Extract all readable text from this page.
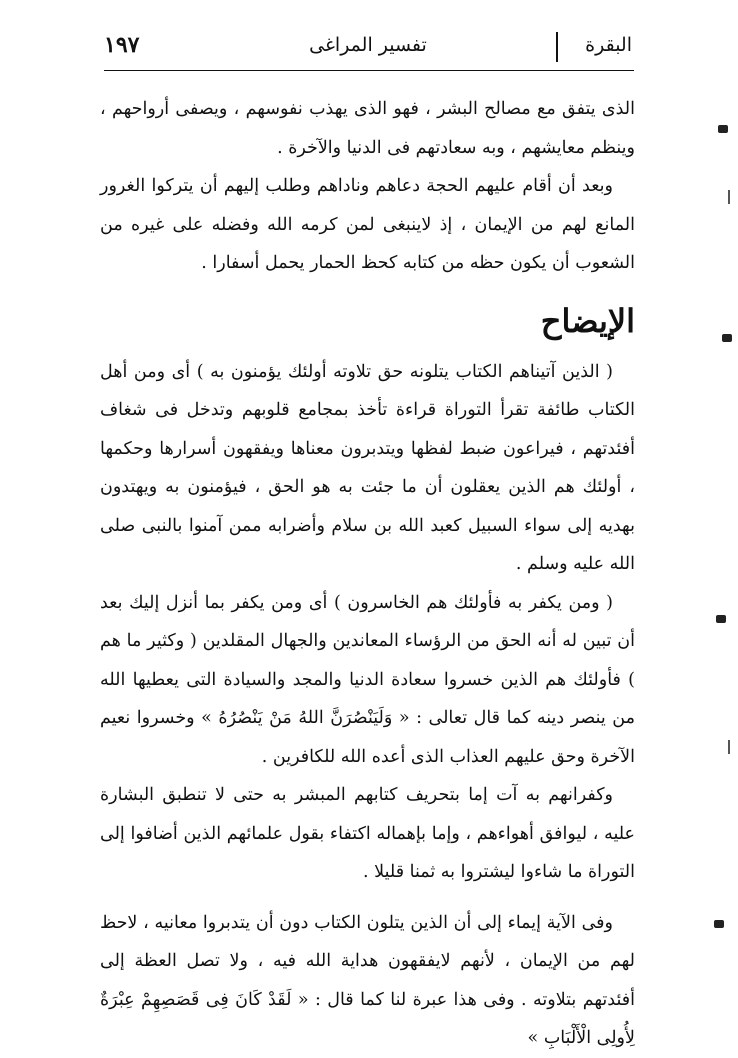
البقرة
تفسير المراغى
١٩٧

الذى يتفق مع مصالح البشر ، فهو الذى يهذب نفوسهم ، ويصفى أرواحهم ، وينظم معايشهم ، وبه سعادتهم فى الدنيا والآخرة .

وبعد أن أقام عليهم الحجة دعاهم وناداهم وطلب إليهم أن يتركوا الغرور المانع لهم من الإيمان ، إذ لاينبغى لمن كرمه الله وفضله على غيره من الشعوب أن يكون حظه من كتابه كحظ الحمار يحمل أسفارا .

الإيضاح

( الذين آتيناهم الكتاب يتلونه حق تلاوته أولئك يؤمنون به ) أى ومن أهل الكتاب طائفة تقرأ التوراة قراءة تأخذ بمجامع قلوبهم وتدخل فى شغاف أفئدتهم ، فيراعون ضبط لفظها ويتدبرون معناها ويفقهون أسرارها وحكمها ، أولئك هم الذين يعقلون أن ما جئت به هو الحق ، فيؤمنون به ويهتدون بهديه إلى سواء السبيل كعبد الله بن سلام وأضرابه ممن آمنوا بالنبى صلى الله عليه وسلم .

( ومن يكفر به فأولئك هم الخاسرون ) أى ومن يكفر بما أنزل إليك بعد أن تبين له أنه الحق من الرؤساء المعاندين والجهال المقلدين ( وكثير ما هم ) فأولئك هم الذين خسروا سعادة الدنيا والمجد والسيادة التى يعطيها الله من ينصر دينه كما قال تعالى : « وَلَيَنْصُرَنَّ اللهُ مَنْ يَنْصُرُهُ » وخسروا نعيم الآخرة وحق عليهم العذاب الذى أعده الله للكافرين .

وكفرانهم به آت إما بتحريف كتابهم المبشر به حتى لا تنطبق البشارة عليه ، ليوافق أهواءهم ، وإما بإهماله اكتفاء بقول علمائهم الذين أضافوا إلى التوراة ما شاءوا ليشتروا به ثمنا قليلا .

وفى الآية إيماء إلى أن الذين يتلون الكتاب دون أن يتدبروا معانيه ، لاحظ لهم من الإيمان ، لأنهم لايفقهون هداية الله فيه ، ولا تصل العظة إلى أفئدتهم بتلاوته . وفى هذا عبرة لنا كما قال : « لَقَدْ كَانَ فِى قَصَصِهِمْ عِبْرَةٌ لِأُولِى الْأَلْبَابِ »
